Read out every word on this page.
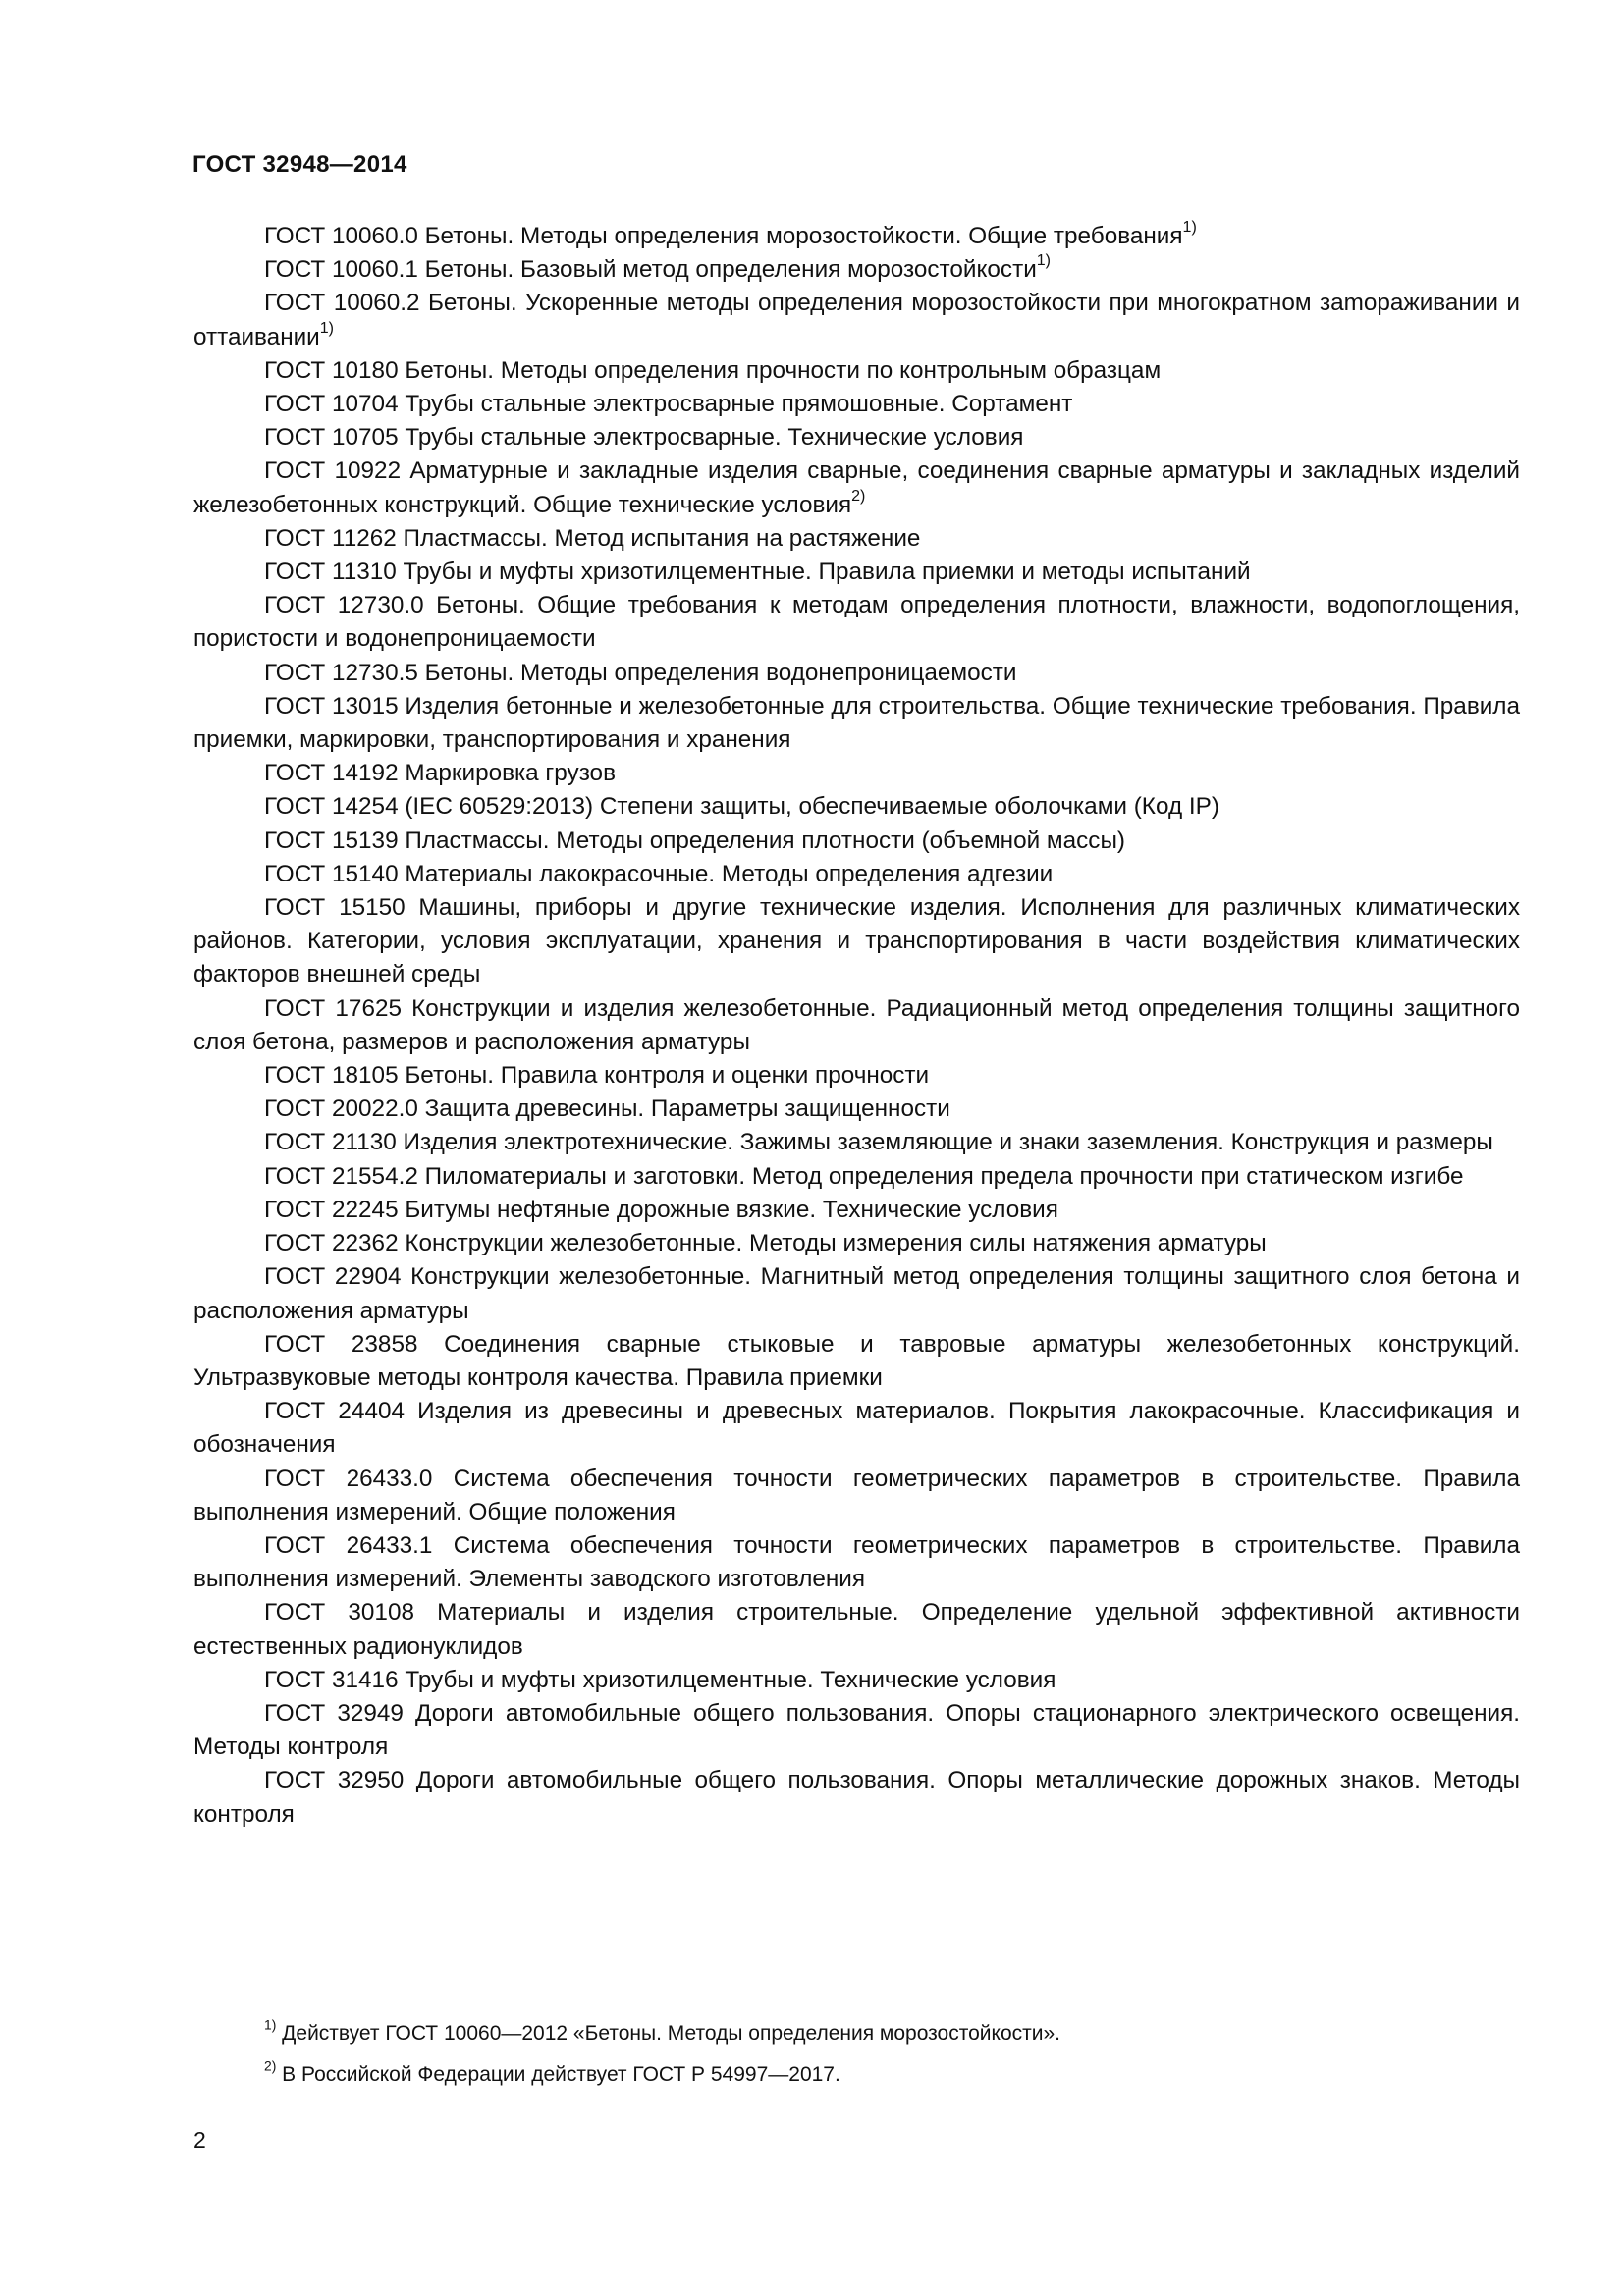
ГОСТ 32948—2014

ГОСТ 10060.0 Бетоны. Методы определения морозостойкости. Общие требования$^{1)}$

ГОСТ 10060.1 Бетоны. Базовый метод определения морозостойкости$^{1)}$

ГОСТ 10060.2 Бетоны. Ускоренные методы определения морозостойкости при многократном заmораживании и оттаивании$^{1)}$

ГОСТ 10180 Бетоны. Методы определения прочности по контрольным образцам

ГОСТ 10704 Трубы стальные электросварные прямошовные. Сортамент

ГОСТ 10705 Трубы стальные электросварные. Технические условия

ГОСТ 10922 Арматурные и закладные изделия сварные, соединения сварные арматуры и закладных изделий железобетонных конструкций. Общие технические условия$^{2)}$

ГОСТ 11262 Пластмассы. Метод испытания на растяжение

ГОСТ 11310 Трубы и муфты хризотилцементные. Правила приемки и методы испытаний

ГОСТ 12730.0 Бетоны. Общие требования к методам определения плотности, влажности, водопоглощения, пористости и водонепроницаемости

ГОСТ 12730.5 Бетоны. Методы определения водонепроницаемости

ГОСТ 13015 Изделия бетонные и железобетонные для строительства. Общие технические требования. Правила приемки, маркировки, транспортирования и хранения

ГОСТ 14192 Маркировка грузов

ГОСТ 14254 (IEC 60529:2013) Степени защиты, обеспечиваемые оболочками (Код IP)

ГОСТ 15139 Пластмассы. Методы определения плотности (объемной массы)

ГОСТ 15140 Материалы лакокрасочные. Методы определения адгезии

ГОСТ 15150 Машины, приборы и другие технические изделия. Исполнения для различных климатических районов. Категории, условия эксплуатации, хранения и транспортирования в части воздействия климатических факторов внешней среды

ГОСТ 17625 Конструкции и изделия железобетонные. Радиационный метод определения толщины защитного слоя бетона, размеров и расположения арматуры

ГОСТ 18105 Бетоны. Правила контроля и оценки прочности

ГОСТ 20022.0 Защита древесины. Параметры защищенности

ГОСТ 21130 Изделия электротехнические. Зажимы заземляющие и знаки заземления. Конструкция и размеры

ГОСТ 21554.2 Пиломатериалы и заготовки. Метод определения предела прочности при статическом изгибе

ГОСТ 22245 Битумы нефтяные дорожные вязкие. Технические условия

ГОСТ 22362 Конструкции железобетонные. Методы измерения силы натяжения арматуры

ГОСТ 22904 Конструкции железобетонные. Магнитный метод определения толщины защитного слоя бетона и расположения арматуры

ГОСТ 23858 Соединения сварные стыковые и тавровые арматуры железобетонных конструкций. Ультразвуковые методы контроля качества. Правила приемки

ГОСТ 24404 Изделия из древесины и древесных материалов. Покрытия лакокрасочные. Классификация и обозначения

ГОСТ 26433.0 Система обеспечения точности геометрических параметров в строительстве. Правила выполнения измерений. Общие положения

ГОСТ 26433.1 Система обеспечения точности геометрических параметров в строительстве. Правила выполнения измерений. Элементы заводского изготовления

ГОСТ 30108 Материалы и изделия строительные. Определение удельной эффективной активности естественных радионуклидов

ГОСТ 31416 Трубы и муфты хризотилцементные. Технические условия

ГОСТ 32949 Дороги автомобильные общего пользования. Опоры стационарного электрического освещения. Методы контроля

ГОСТ 32950 Дороги автомобильные общего пользования. Опоры металлические дорожных знаков. Методы контроля

$^{1)}$ Действует ГОСТ 10060—2012 «Бетоны. Методы определения морозостойкости».

$^{2)}$ В Российской Федерации действует ГОСТ Р 54997—2017.

2
